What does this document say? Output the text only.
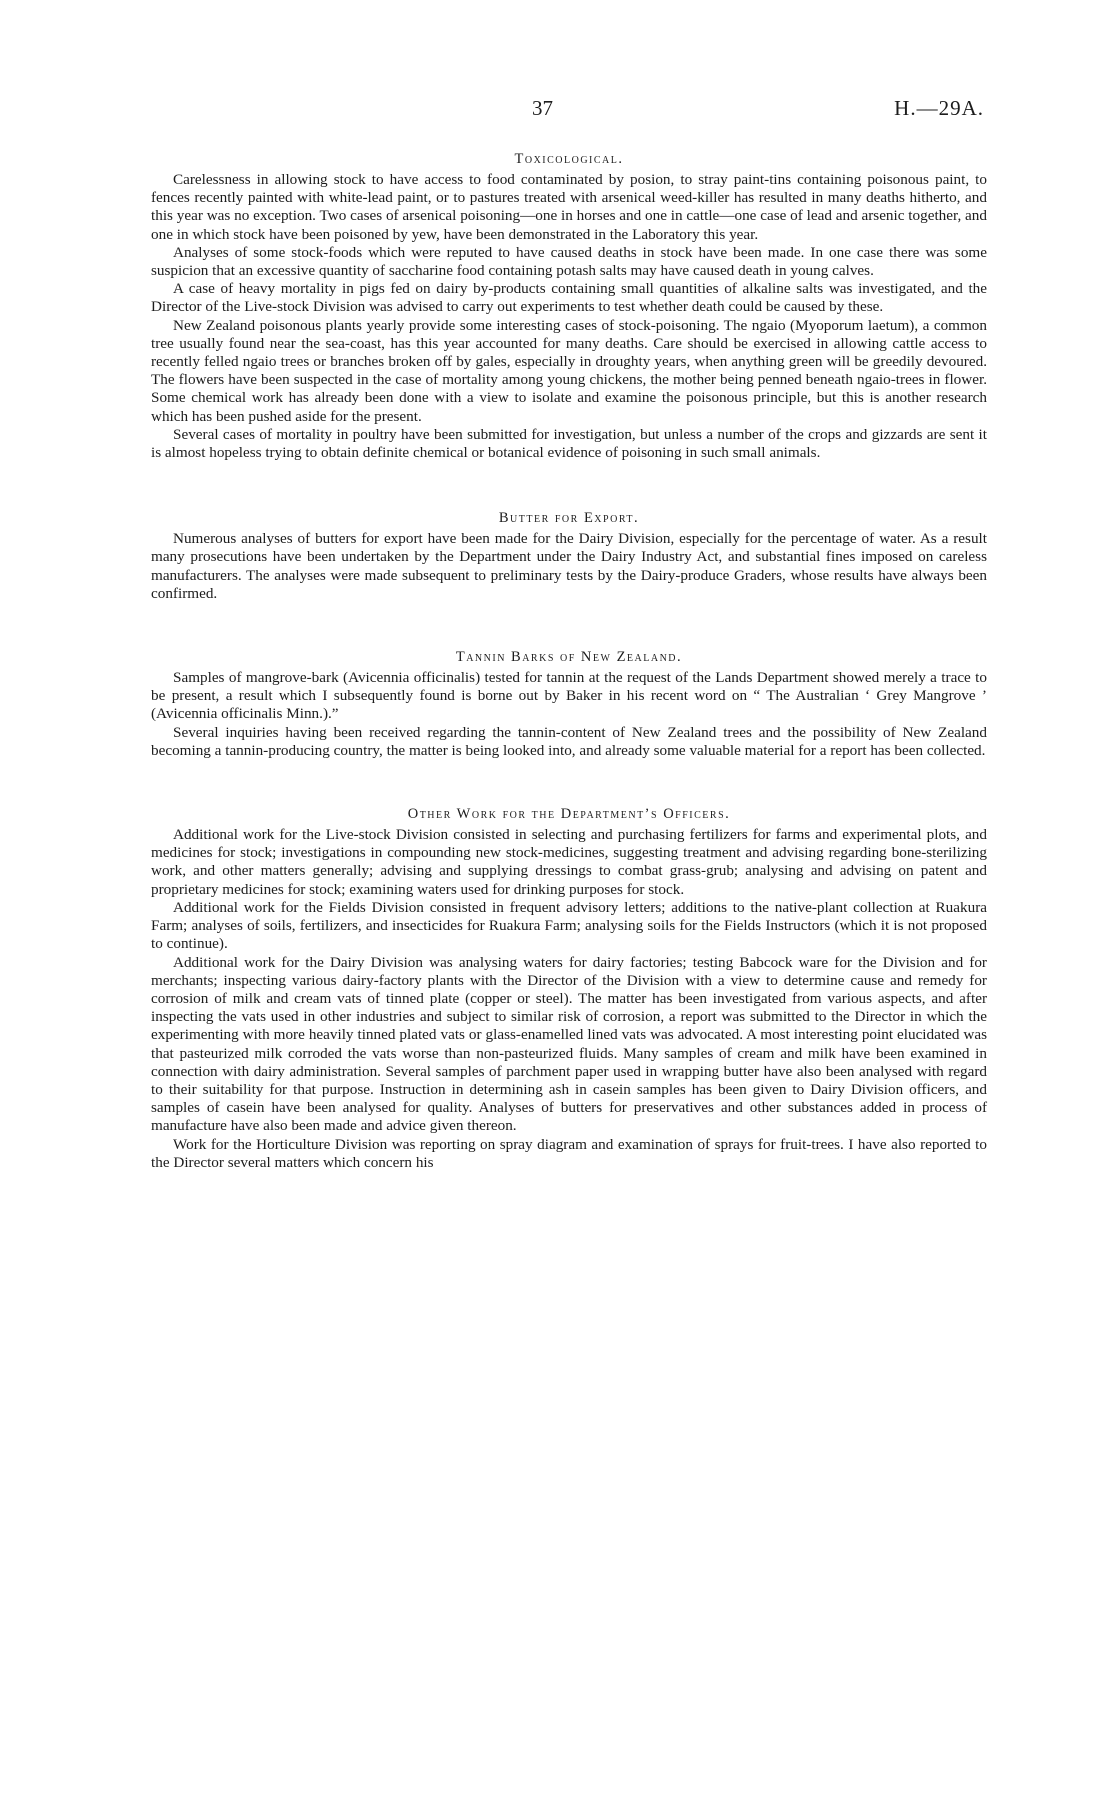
37	H.—29A.
Toxicological.

Carelessness in allowing stock to have access to food contaminated by posion, to stray paint-tins containing poisonous paint, to fences recently painted with white-lead paint, or to pastures treated with arsenical weed-killer has resulted in many deaths hitherto, and this year was no exception. Two cases of arsenical poisoning—one in horses and one in cattle—one case of lead and arsenic together, and one in which stock have been poisoned by yew, have been demonstrated in the Laboratory this year.

Analyses of some stock-foods which were reputed to have caused deaths in stock have been made. In one case there was some suspicion that an excessive quantity of saccharine food containing potash salts may have caused death in young calves.

A case of heavy mortality in pigs fed on dairy by-products containing small quantities of alkaline salts was investigated, and the Director of the Live-stock Division was advised to carry out experiments to test whether death could be caused by these.

New Zealand poisonous plants yearly provide some interesting cases of stock-poisoning. The ngaio (Myoporum laetum), a common tree usually found near the sea-coast, has this year accounted for many deaths. Care should be exercised in allowing cattle access to recently felled ngaio trees or branches broken off by gales, especially in droughty years, when anything green will be greedily devoured. The flowers have been suspected in the case of mortality among young chickens, the mother being penned beneath ngaio-trees in flower. Some chemical work has already been done with a view to isolate and examine the poisonous principle, but this is another research which has been pushed aside for the present.

Several cases of mortality in poultry have been submitted for investigation, but unless a number of the crops and gizzards are sent it is almost hopeless trying to obtain definite chemical or botanical evidence of poisoning in such small animals.

Butter for Export.

Numerous analyses of butters for export have been made for the Dairy Division, especially for the percentage of water. As a result many prosecutions have been undertaken by the Department under the Dairy Industry Act, and substantial fines imposed on careless manufacturers. The analyses were made subsequent to preliminary tests by the Dairy-produce Graders, whose results have always been confirmed.

Tannin Barks of New Zealand.

Samples of mangrove-bark (Avicennia officinalis) tested for tannin at the request of the Lands Department showed merely a trace to be present, a result which I subsequently found is borne out by Baker in his recent word on “ The Australian ‘ Grey Mangrove ’ (Avicennia officinalis Minn.).”

Several inquiries having been received regarding the tannin-content of New Zealand trees and the possibility of New Zealand becoming a tannin-producing country, the matter is being looked into, and already some valuable material for a report has been collected.

Other Work for the Department’s Officers.

Additional work for the Live-stock Division consisted in selecting and purchasing fertilizers for farms and experimental plots, and medicines for stock; investigations in compounding new stock-medicines, suggesting treatment and advising regarding bone-sterilizing work, and other matters generally; advising and supplying dressings to combat grass-grub; analysing and advising on patent and proprietary medicines for stock; examining waters used for drinking purposes for stock.

Additional work for the Fields Division consisted in frequent advisory letters; additions to the native-plant collection at Ruakura Farm; analyses of soils, fertilizers, and insecticides for Ruakura Farm; analysing soils for the Fields Instructors (which it is not proposed to continue).

Additional work for the Dairy Division was analysing waters for dairy factories; testing Babcock ware for the Division and for merchants; inspecting various dairy-factory plants with the Director of the Division with a view to determine cause and remedy for corrosion of milk and cream vats of tinned plate (copper or steel). The matter has been investigated from various aspects, and after inspecting the vats used in other industries and subject to similar risk of corrosion, a report was submitted to the Director in which the experimenting with more heavily tinned plated vats or glass-enamelled lined vats was advocated. A most interesting point elucidated was that pasteurized milk corroded the vats worse than non-pasteurized fluids. Many samples of cream and milk have been examined in connection with dairy administration. Several samples of parchment paper used in wrapping butter have also been analysed with regard to their suitability for that purpose. Instruction in determining ash in casein samples has been given to Dairy Division officers, and samples of casein have been analysed for quality. Analyses of butters for preservatives and other substances added in process of manufacture have also been made and advice given thereon.

Work for the Horticulture Division was reporting on spray diagram and examination of sprays for fruit-trees. I have also reported to the Director several matters which concern his
